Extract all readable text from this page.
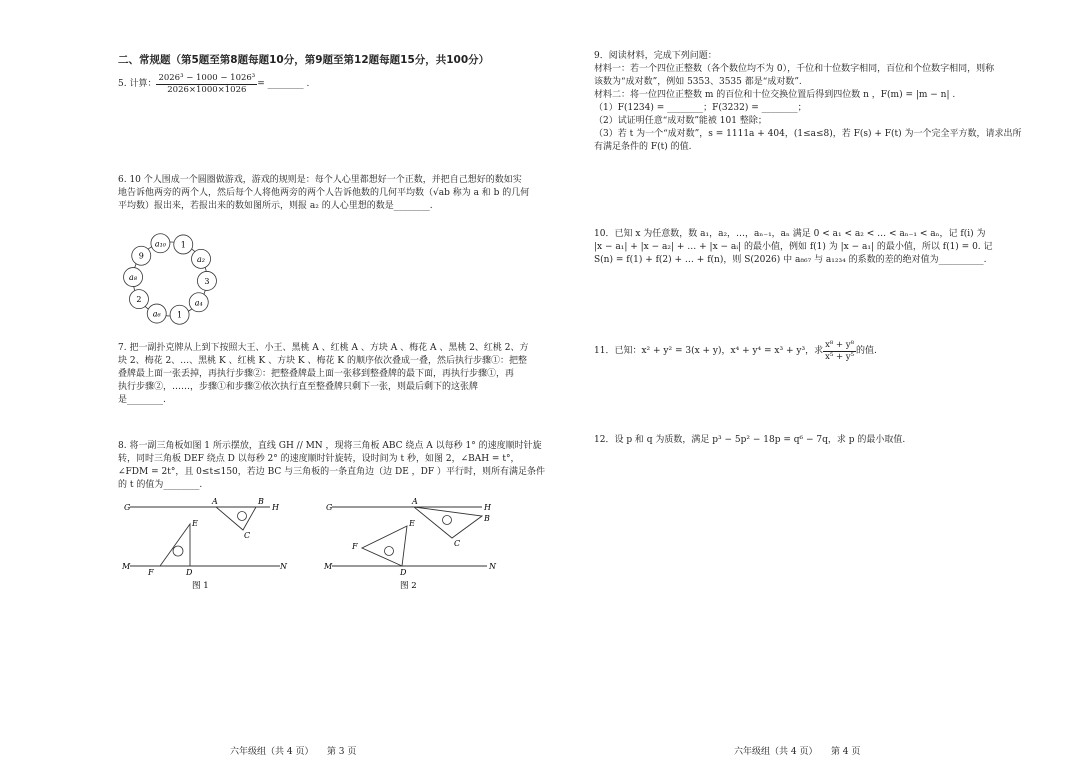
二、常规题（第5题至第8题每题10分，第9题至第12题每题15分，共100分）
5. 计算： $\frac{\text{2026³ − 1000 − 1026³}}{2026\times 1000\times 1026}$ = ________ .
6. 10 个人围成一个圆圈做游戏，游戏的规则是：每个人心里都想好一个正数，并把自己想好的数如实
地告诉他两旁的两个人，然后每个人将他两旁的两个人告诉他数的几何平均数（√ab 称为 a 和 b 的几何
平均数）报出来，若报出来的数如图所示，则报 a₂ 的人心里想的数是________.
a₁₀ 1
a₂
3
a₄
1
a₆
2
a₈
9
7. 把一副扑克牌从上到下按照大王、小王、黑桃 A 、红桃 A 、方块 A 、梅花 A 、黑桃 2、红桃 2、方
块 2、梅花 2、…、黑桃 K 、红桃 K 、方块 K 、梅花 K 的顺序依次叠成一叠，然后执行步骤①：把整
叠牌最上面一张丢掉，再执行步骤②：把整叠牌最上面一张移到整叠牌的最下面，再执行步骤①，再
执行步骤②，……，步骤①和步骤②依次执行直至整叠牌只剩下一张，则最后剩下的这张牌
是________.
8. 将一副三角板如图 1 所示摆放，直线 GH // MN ，现将三角板 ABC 绕点 A 以每秒 1° 的速度顺时针旋
转，同时三角板 DEF 绕点 D 以每秒 2° 的速度顺时针旋转，设时间为 t 秒，如图 2，∠BAH = t°，
∠FDM = 2t°，且 0≤t≤150，若边 BC 与三角板的一条直角边（边 DE ，DF ）平行时，则所有满足条件
的 t 的值为________.
G	H
M	N
A	B
C
E
D
F
图 1
G	H
M	N
A
B
C
E
D
F
图 2
9．阅读材料，完成下列问题：
材料一：若一个四位正整数（各个数位均不为 0），千位和十位数字相同，百位和个位数字相同，则称
该数为“成对数”，例如 5353、3535 都是“成对数”.
材料二：将一位四位正整数 m 的百位和十位交换位置后得到四位数 n ，F(m) = |m − n| .
（1）F(1234) = ________；F(3232) = ________；
（2）试证明任意“成对数”能被 101 整除；
（3）若 t 为一个“成对数”，s = 1111a + 404，(1≤a≤8)，若 F(s) + F(t) 为一个完全平方数，请求出所
有满足条件的 F(t) 的值.
10．已知 x 为任意数，数 a₁，a₂，…，aₙ₋₁，aₙ 满足 0 < a₁ < a₂ < … < aₙ₋₁ < aₙ，记 f(i) 为
|x − a₁| + |x − a₂| + … + |x − aᵢ| 的最小值，例如 f(1) 为 |x − a₁| 的最小值，所以 f(1) = 0. 记
S(n) = f(1) + f(2) + … + f(n)，则 S(2026) 中 a₈₆₇ 与 a₁₂₃₄ 的系数的差的绝对值为__________.
11．已知：x² + y² = 3(x + y)，x⁴ + y⁴ = x³ + y³，求 $\frac{\text{x⁸ + y⁸}}{\text{x⁵ + y⁵}}$ 的值.
12．设 p 和 q 为质数，满足 p³ − 5p² − 18p = q⁶ − 7q，求 p 的最小取值.
六年级组（共 4 页）　　第 3 页	六年级组（共 4 页）　　第 4 页
